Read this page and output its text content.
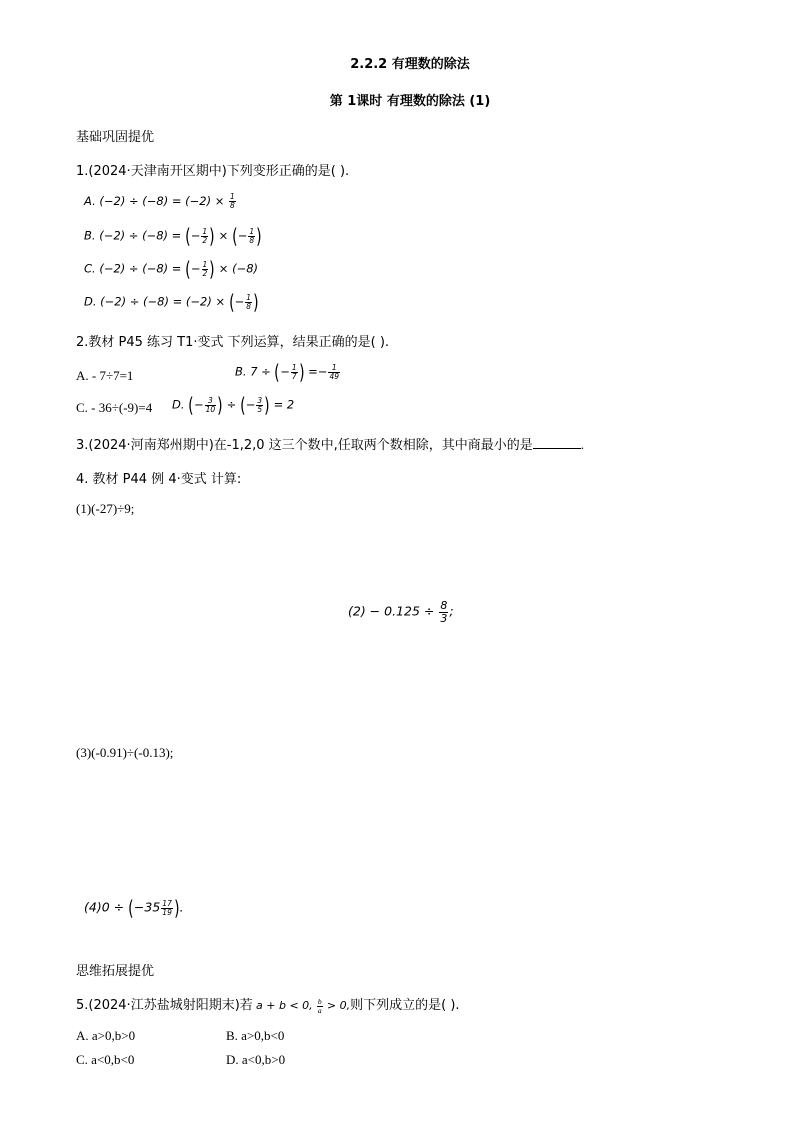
2.2.2 有理数的除法
第 1课时 有理数的除法 (1)
基础巩固提优
1.(2024·天津南开区期中)下列变形正确的是( ).
A. $(-2) \div (-8) = (-2) \times \frac{1}{8}$
B. (−2) ÷ (−8) = (− $\frac{1}{2}$ ) × (− $\frac{1}{8}$ )
C. (−2) ÷ (−8) = (− $\frac{1}{2}$ ) × (−8)
D. (−2) ÷ (−8) = (−2) × (− $\frac{1}{8}$ )
2.教材 P45 练习 T1·变式 下列运算，结果正确的是( ).
A. - 7÷7=1	B. 7 ÷ (− $\frac{1}{7}$ ) =− $\frac{1}{49}$
C. - 36÷(-9)=4 D. (− $\frac{3}{10}$ ) ÷ (− $\frac{3}{5}$ ) = 2
3.(2024·河南郑州期中)在-1,2,0 这三个数中,任取两个数相除，其中商最小的是	.
4. 教材 P44 例 4·变式 计算:
(1)(-27)÷9;
$(2) - 0.125 \div \frac{8}{3}$ ;
(3)(-0.91)÷(-0.13);
$(4)0 \div (-35 \frac{17}{19}$ ).
思维拓展提优
5.(2024·江苏盐城射阳期末)若 a + b < 0, $\frac{b}{a} > 0$,则下列成立的是( ).
A. a>0,b>0	B. a>0,b<0
C. a<0,b<0	D. a<0,b>0
